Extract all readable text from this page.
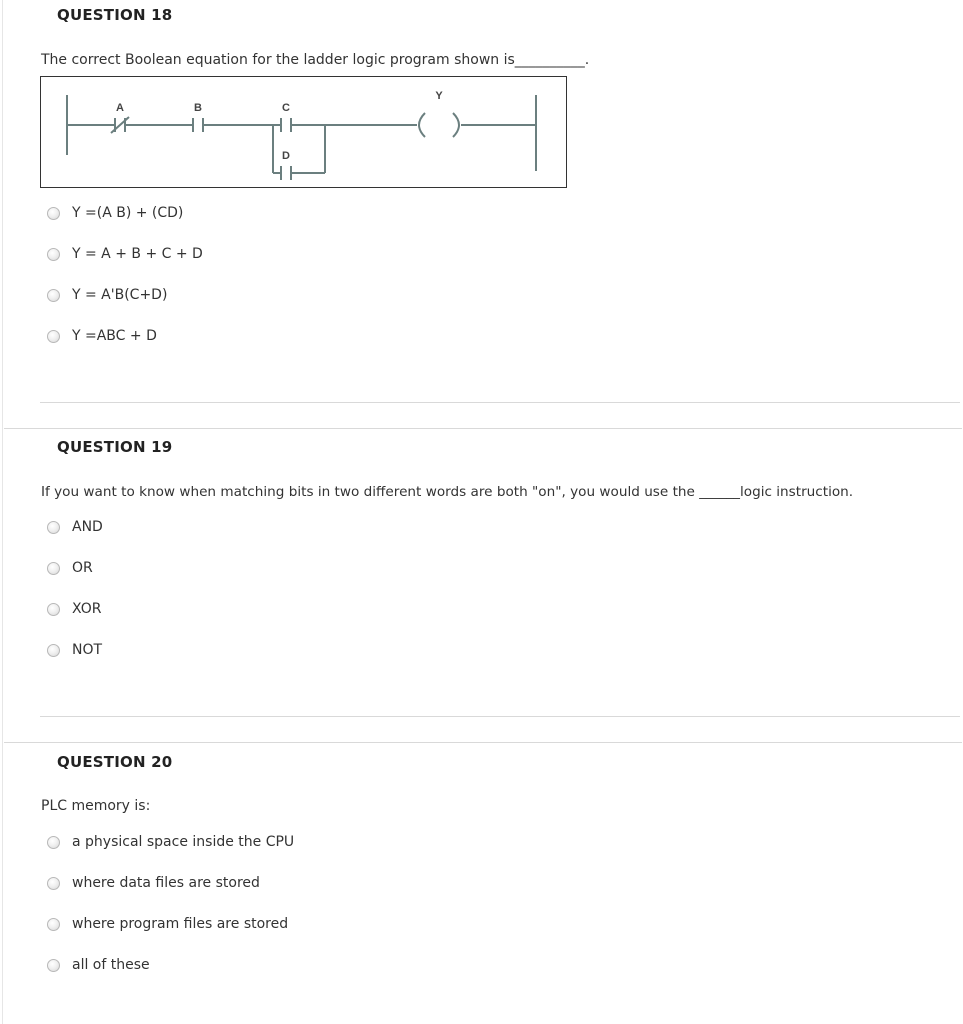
QUESTION 18
The correct Boolean equation for the ladder logic program shown is__________.
A	B	C
D
Y
Y =(A B) + (CD)
Y = A + B + C + D
Y = A'B(C+D)
Y =ABC + D
QUESTION 19
If you want to know when matching bits in two different words are both "on", you would use the ______logic instruction.
AND
OR
XOR
NOT
QUESTION 20
PLC memory is:
a physical space inside the CPU
where data files are stored
where program files are stored
all of these
